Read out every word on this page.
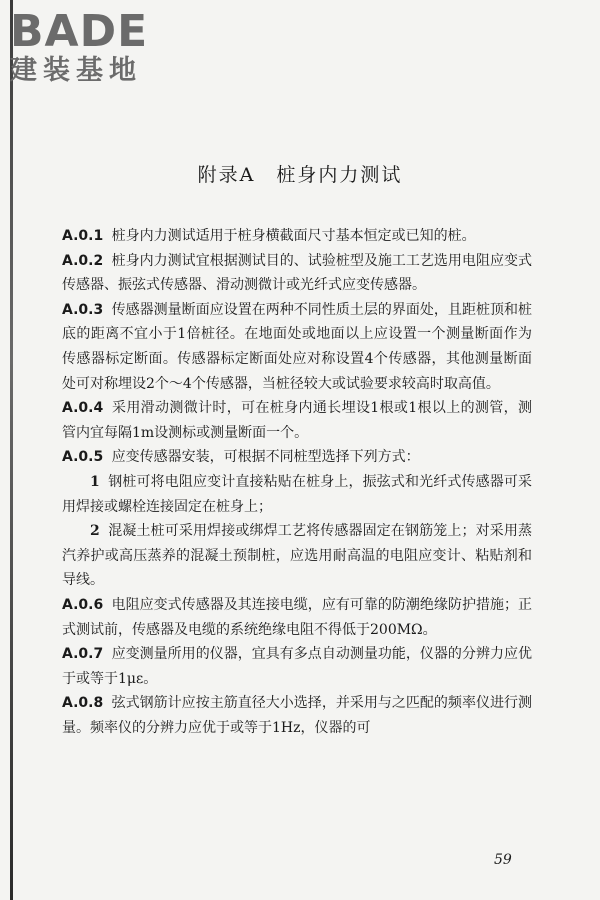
BADE
建装基地
附录A　桩身内力测试

A.0.1 桩身内力测试适用于桩身横截面尺寸基本恒定或已知的桩。

A.0.2 桩身内力测试宜根据测试目的、试验桩型及施工工艺选用电阻应变式传感器、振弦式传感器、滑动测微计或光纤式应变传感器。

A.0.3 传感器测量断面应设置在两种不同性质土层的界面处，且距桩顶和桩底的距离不宜小于1倍桩径。在地面处或地面以上应设置一个测量断面作为传感器标定断面。传感器标定断面处应对称设置4个传感器，其他测量断面处可对称埋设2个～4个传感器，当桩径较大或试验要求较高时取高值。

A.0.4 采用滑动测微计时，可在桩身内通长埋设1根或1根以上的测管，测管内宜每隔1m设测标或测量断面一个。

A.0.5 应变传感器安装，可根据不同桩型选择下列方式：

1 钢桩可将电阻应变计直接粘贴在桩身上，振弦式和光纤式传感器可采用焊接或螺栓连接固定在桩身上；

2 混凝土桩可采用焊接或绑焊工艺将传感器固定在钢筋笼上；对采用蒸汽养护或高压蒸养的混凝土预制桩，应选用耐高温的电阻应变计、粘贴剂和导线。

A.0.6 电阻应变式传感器及其连接电缆，应有可靠的防潮绝缘防护措施；正式测试前，传感器及电缆的系统绝缘电阻不得低于200MΩ。

A.0.7 应变测量所用的仪器，宜具有多点自动测量功能，仪器的分辨力应优于或等于1με。

A.0.8 弦式钢筋计应按主筋直径大小选择，并采用与之匹配的频率仪进行测量。频率仪的分辨力应优于或等于1Hz，仪器的可

59
